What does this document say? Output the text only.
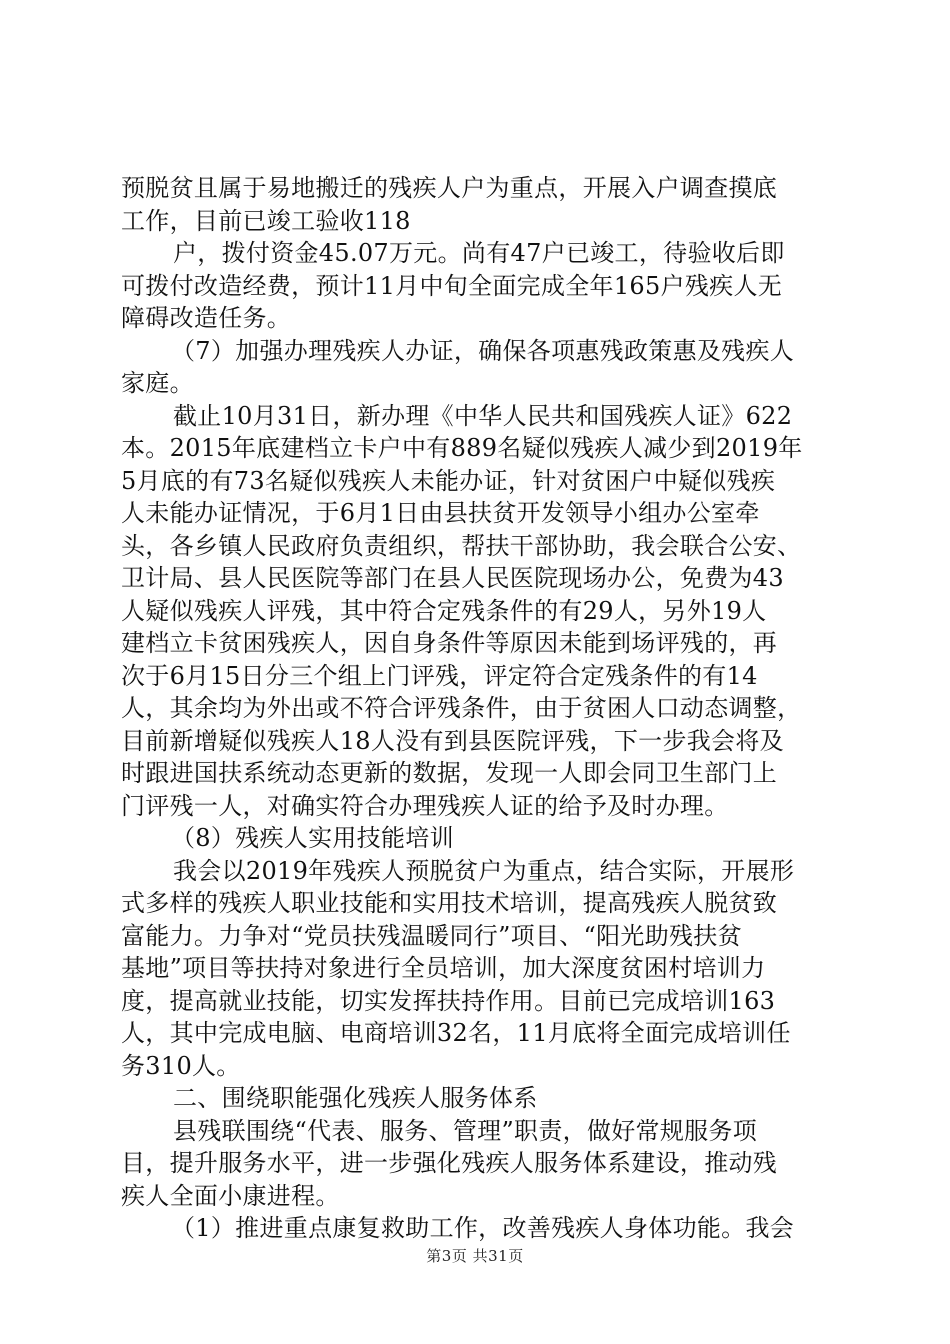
预脱贫且属于易地搬迁的残疾人户为重点，开展入户调查摸底
工作，目前已竣工验收118
户，拨付资金45.07万元。尚有47户已竣工，待验收后即
可拨付改造经费，预计11月中旬全面完成全年165户残疾人无
障碍改造任务。
（7）加强办理残疾人办证，确保各项惠残政策惠及残疾人
家庭。
截止10月31日，新办理《中华人民共和国残疾人证》622
本。2015年底建档立卡户中有889名疑似残疾人减少到2019年
5月底的有73名疑似残疾人未能办证，针对贫困户中疑似残疾
人未能办证情况，于6月1日由县扶贫开发领导小组办公室牵
头，各乡镇人民政府负责组织，帮扶干部协助，我会联合公安、
卫计局、县人民医院等部门在县人民医院现场办公，免费为43
人疑似残疾人评残，其中符合定残条件的有29人，另外19人
建档立卡贫困残疾人，因自身条件等原因未能到场评残的，再
次于6月15日分三个组上门评残，评定符合定残条件的有14
人，其余均为外出或不符合评残条件，由于贫困人口动态调整，
目前新增疑似残疾人18人没有到县医院评残，下一步我会将及
时跟进国扶系统动态更新的数据，发现一人即会同卫生部门上
门评残一人，对确实符合办理残疾人证的给予及时办理。
（8）残疾人实用技能培训
我会以2019年残疾人预脱贫户为重点，结合实际，开展形
式多样的残疾人职业技能和实用技术培训，提高残疾人脱贫致
富能力。力争对“党员扶残温暖同行”项目、“阳光助残扶贫
基地”项目等扶持对象进行全员培训，加大深度贫困村培训力
度，提高就业技能，切实发挥扶持作用。目前已完成培训163
人，其中完成电脑、电商培训32名，11月底将全面完成培训任
务310人。
二、围绕职能强化残疾人服务体系
县残联围绕“代表、服务、管理”职责，做好常规服务项
目，提升服务水平，进一步强化残疾人服务体系建设，推动残
疾人全面小康进程。
（1）推进重点康复救助工作，改善残疾人身体功能。我会
第3页 共31页
